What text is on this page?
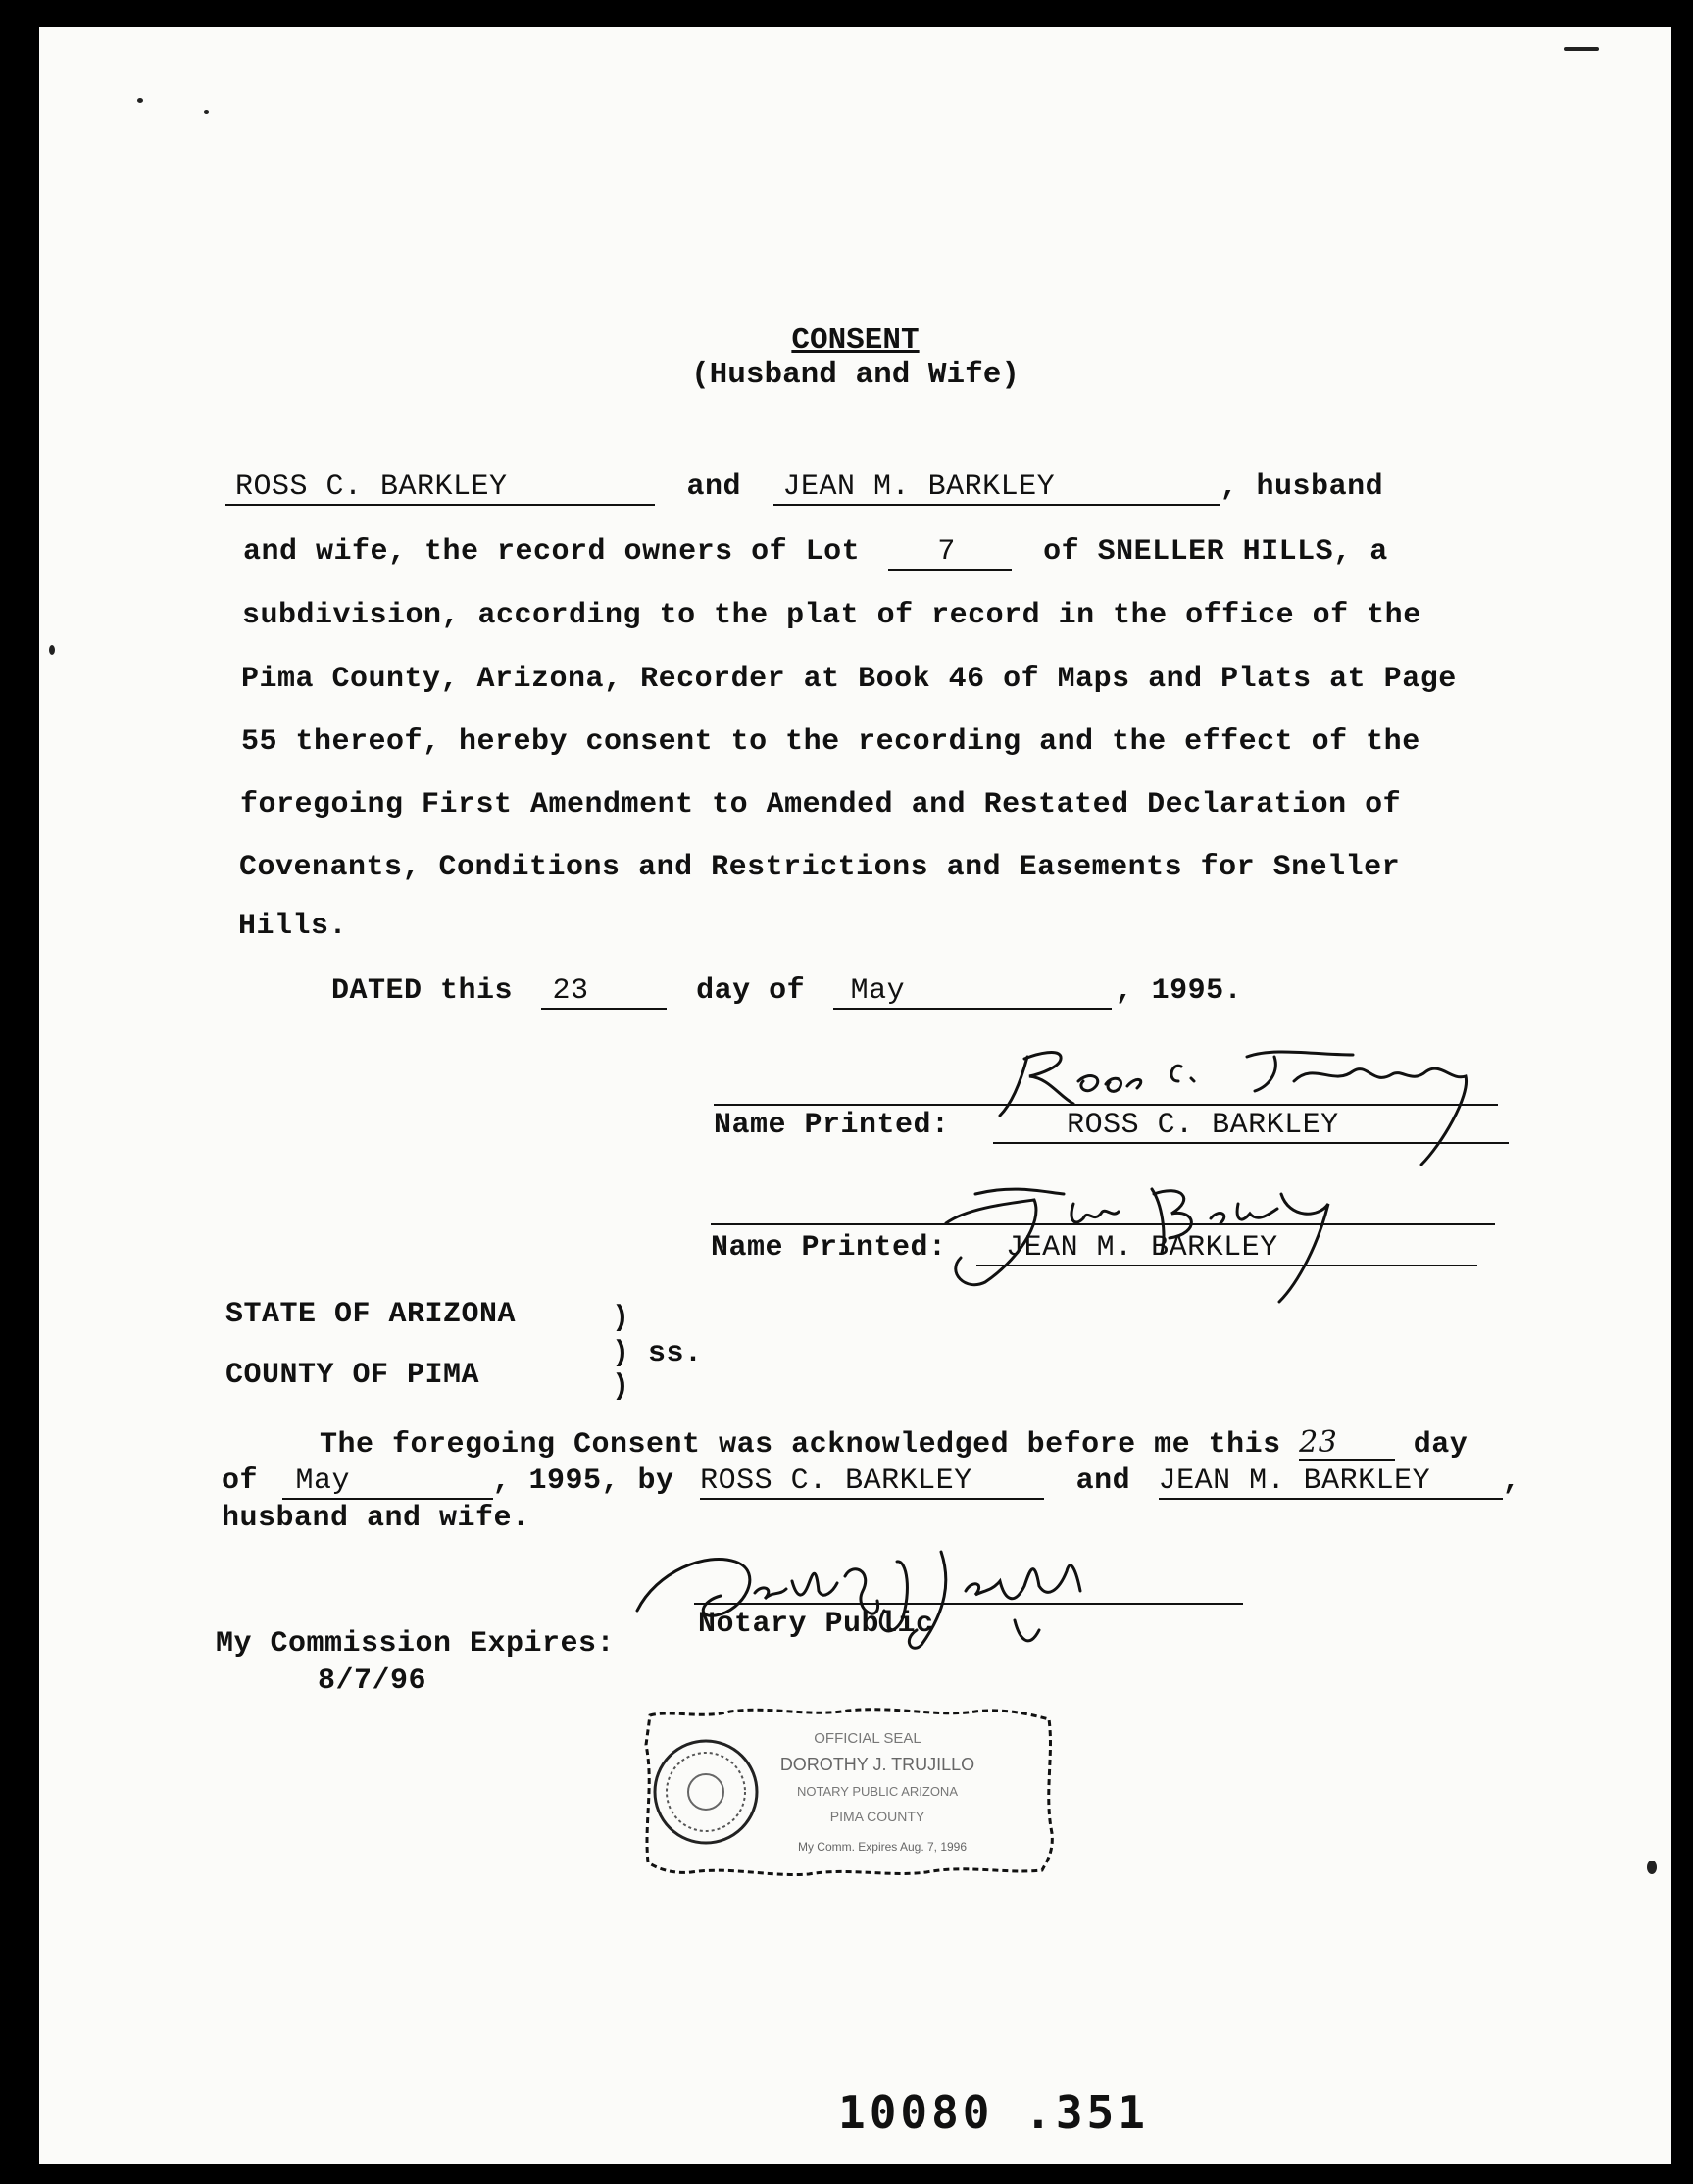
CONSENT
(Husband and Wife)
ROSS C. BARKLEY	and JEAN M. BARKLEY	, husband
and wife, the record owners of Lot	7	of SNELLER HILLS, a
subdivision, according to the plat of record in the office of the
Pima County, Arizona, Recorder at Book 46 of Maps and Plats at Page
55 thereof, hereby consent to the recording and the effect of the
foregoing First Amendment to Amended and Restated Declaration of
Covenants, Conditions and Restrictions and Easements for Sneller
Hills.
DATED this 23	day of May	, 1995.
Name Printed:	ROSS C. BARKLEY
Name Printed: JEAN M. BARKLEY
STATE OF ARIZONA
COUNTY OF PIMA
)
) ss.
)
The foregoing Consent was acknowledged before me this 23	day
of May	, 1995, by ROSS C. BARKLEY	and JEAN M. BARKLEY ,
husband and wife.
Notary Public
My Commission Expires:
8/7/96
OFFICIAL SEAL
DOROTHY J. TRUJILLO
NOTARY PUBLIC ARIZONA
PIMA COUNTY
My Comm. Expires Aug. 7, 1996
10080 .351
